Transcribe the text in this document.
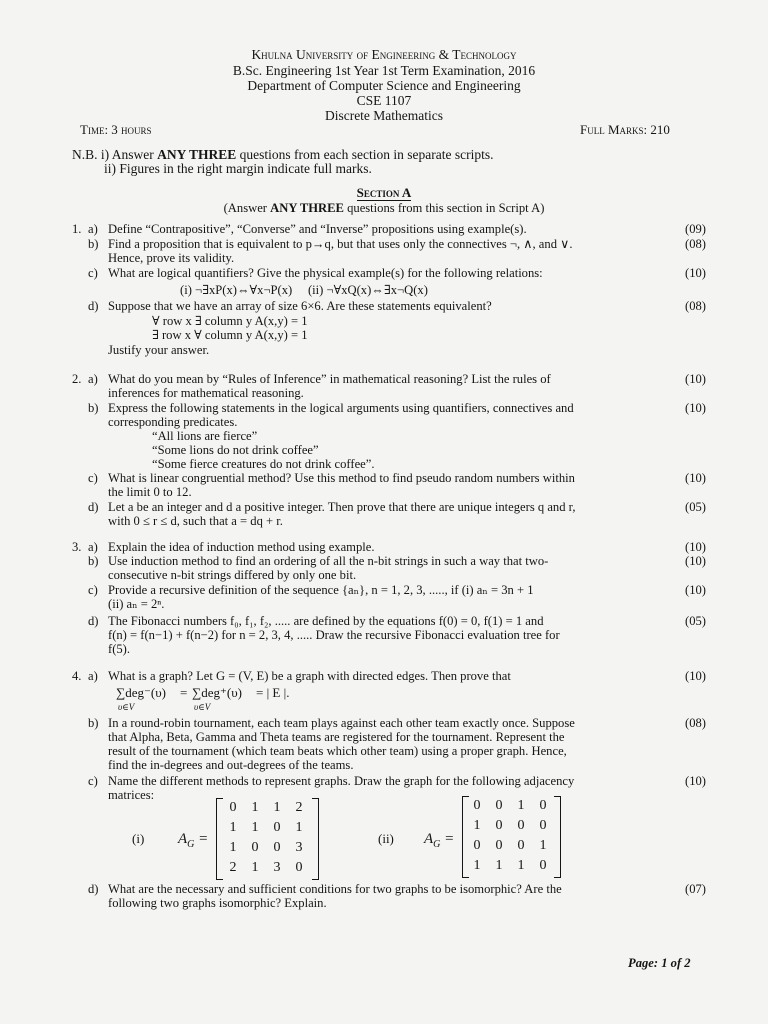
Khulna University of Engineering & Technology
B.Sc. Engineering 1st Year 1st Term Examination, 2016
Department of Computer Science and Engineering
CSE 1107
Discrete Mathematics
Time: 3 hours	Full Marks: 210
N.B. i) Answer ANY THREE questions from each section in separate scripts.
ii) Figures in the right margin indicate full marks.
Section A
(Answer ANY THREE questions from this section in Script A)
1. a) Define “Contrapositive”, “Converse” and “Inverse” propositions using example(s).	(09)
b) Find a proposition that is equivalent to p→q, but that uses only the connectives ¬, ∧, and ∨.	(08)
Hence, prove its validity.
c) What are logical quantifiers? Give the physical example(s) for the following relations:	(10)
(i) ¬∃xP(x)⇔∀x¬P(x)     (ii) ¬∀xQ(x)⇔∃x¬Q(x)
d) Suppose that we have an array of size 6×6. Are these statements equivalent?	(08)
∀ row x ∃ column y A(x,y) = 1
∃ row x ∀ column y A(x,y) = 1
Justify your answer.
2. a) What do you mean by “Rules of Inference” in mathematical reasoning? List the rules of	(10)
inferences for mathematical reasoning.
b) Express the following statements in the logical arguments using quantifiers, connectives and	(10)
corresponding predicates.
“All lions are fierce”
“Some lions do not drink coffee”
“Some fierce creatures do not drink coffee”.
c) What is linear congruential method? Use this method to find pseudo random numbers within	(10)
the limit 0 to 12.
d) Let a be an integer and d a positive integer. Then prove that there are unique integers q and r,	(05)
with 0 ≤ r ≤ d, such that a = dq + r.
3. a) Explain the idea of induction method using example.	(10)
b) Use induction method to find an ordering of all the n-bit strings in such a way that two-	(10)
consecutive n-bit strings differed by only one bit.
c) Provide a recursive definition of the sequence {aₙ}, n = 1, 2, 3, ....., if (i) aₙ = 3n + 1	(10)
(ii) aₙ = 2ⁿ.
d) The Fibonacci numbers f₀, f₁, f₂, ..... are defined by the equations f(0) = 0, f(1) = 1 and	(05)
f(n) = f(n−1) + f(n−2) for n = 2, 3, 4, ..... Draw the recursive Fibonacci evaluation tree for
f(5).
4. a) What is a graph? Let G = (V, E) be a graph with directed edges. Then prove that	(10)
∑deg⁻(υ) = ∑deg⁺(υ) = | E |.
υ∈V	υ∈V
b) In a round-robin tournament, each team plays against each other team exactly once. Suppose	(08)
that Alpha, Beta, Gamma and Theta teams are registered for the tournament. Represent the
result of the tournament (which team beats which other team) using a proper graph. Hence,
find the in-degrees and out-degrees of the teams.
c) Name the different methods to represent graphs. Draw the graph for the following adjacency	(10)
matrices:
(i) $A_G$ =
0	1	1	2
1	1	0	1
1	0	0	3
2	1	3	0
(ii) $A_G$ =
0	0	1	0
1	0	0	0
0	0	0	1
1	1	1	0
d) What are the necessary and sufficient conditions for two graphs to be isomorphic? Are the	(07)
following two graphs isomorphic? Explain.
Page: 1 of 2
